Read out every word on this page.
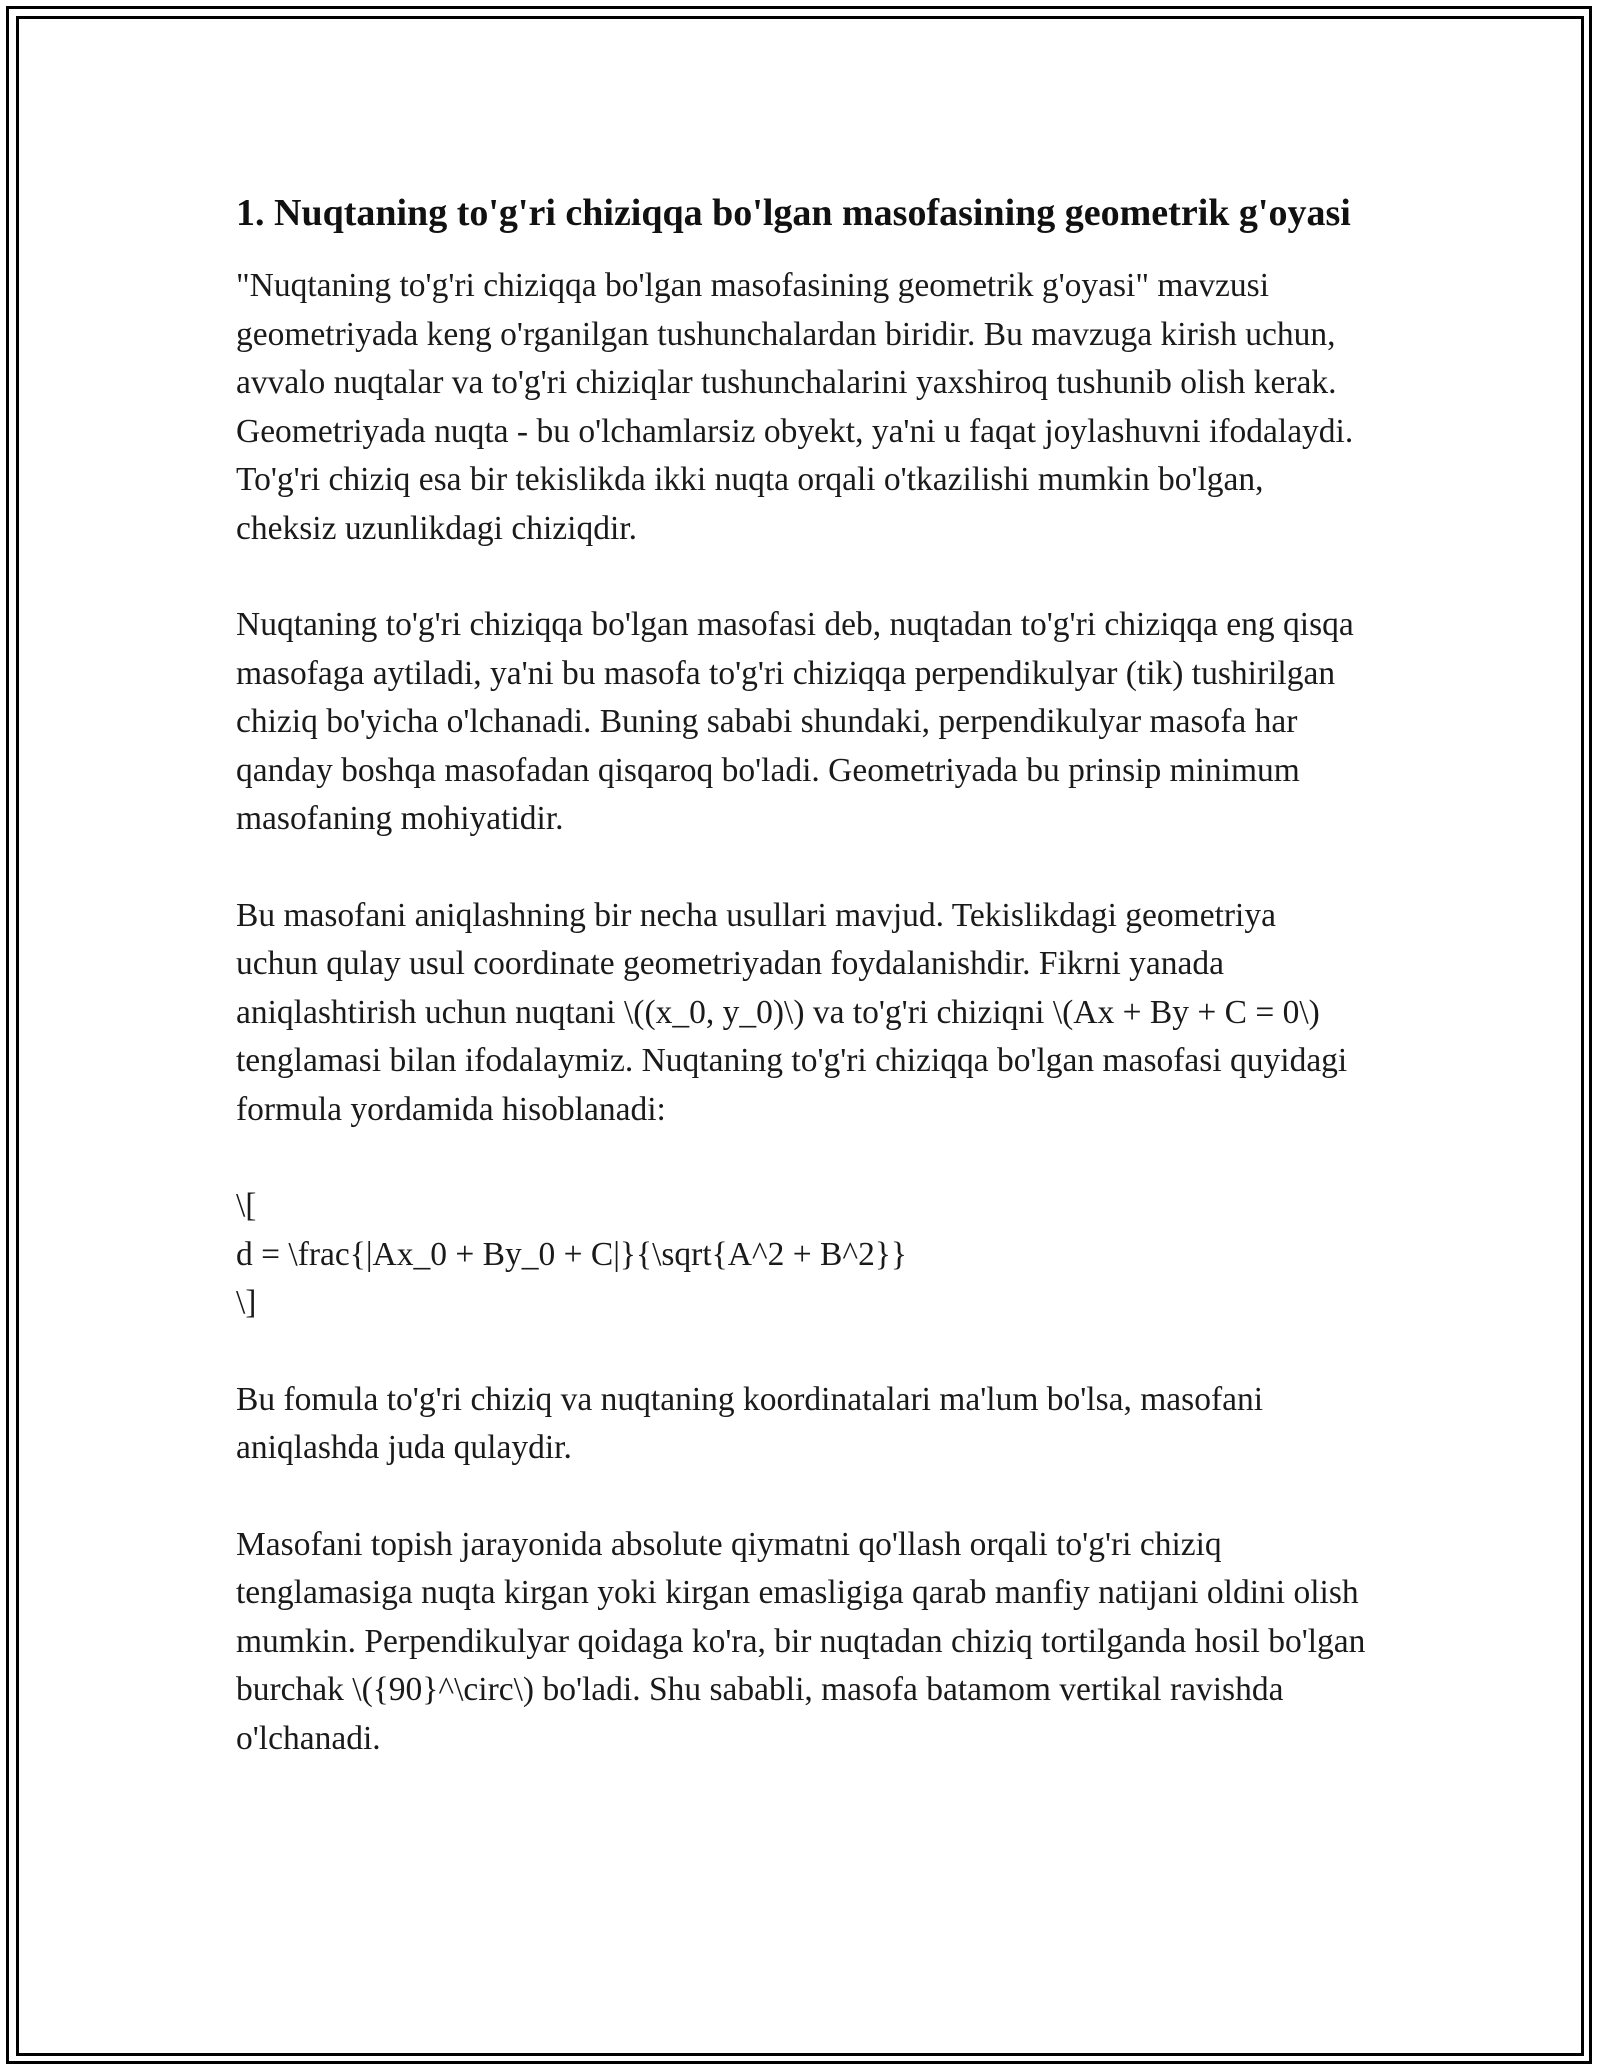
1. Nuqtaning to'g'ri chiziqqa bo'lgan masofasining geometrik g'oyasi

"Nuqtaning to'g'ri chiziqqa bo'lgan masofasining geometrik g'oyasi" mavzusi geometriyada keng o'rganilgan tushunchalardan biridir. Bu mavzuga kirish uchun, avvalo nuqtalar va to'g'ri chiziqlar tushunchalarini yaxshiroq tushunib olish kerak. Geometriyada nuqta - bu o'lchamlarsiz obyekt, ya'ni u faqat joylashuvni ifodalaydi. To'g'ri chiziq esa bir tekislikda ikki nuqta orqali o'tkazilishi mumkin bo'lgan, cheksiz uzunlikdagi chiziqdir.

Nuqtaning to'g'ri chiziqqa bo'lgan masofasi deb, nuqtadan to'g'ri chiziqqa eng qisqa masofaga aytiladi, ya'ni bu masofa to'g'ri chiziqqa perpendikulyar (tik) tushirilgan chiziq bo'yicha o'lchanadi. Buning sababi shundaki, perpendikulyar masofa har qanday boshqa masofadan qisqaroq bo'ladi. Geometriyada bu prinsip minimum masofaning mohiyatidir.

Bu masofani aniqlashning bir necha usullari mavjud. Tekislikdagi geometriya uchun qulay usul coordinate geometriyadan foydalanishdir. Fikrni yanada aniqlashtirish uchun nuqtani \((x_0, y_0)\) va to'g'ri chiziqni \(Ax + By + C = 0\) tenglamasi bilan ifodalaymiz. Nuqtaning to'g'ri chiziqqa bo'lgan masofasi quyidagi formula yordamida hisoblanadi:

\[
d = \frac{|Ax_0 + By_0 + C|}{\sqrt{A^2 + B^2}}
\]

Bu fomula to'g'ri chiziq va nuqtaning koordinatalari ma'lum bo'lsa, masofani aniqlashda juda qulaydir.

Masofani topish jarayonida absolute qiymatni qo'llash orqali to'g'ri chiziq tenglamasiga nuqta kirgan yoki kirgan emasligiga qarab manfiy natijani oldini olish mumkin. Perpendikulyar qoidaga ko'ra, bir nuqtadan chiziq tortilganda hosil bo'lgan burchak \({90}^\circ\) bo'ladi. Shu sababli, masofa batamom vertikal ravishda o'lchanadi.
